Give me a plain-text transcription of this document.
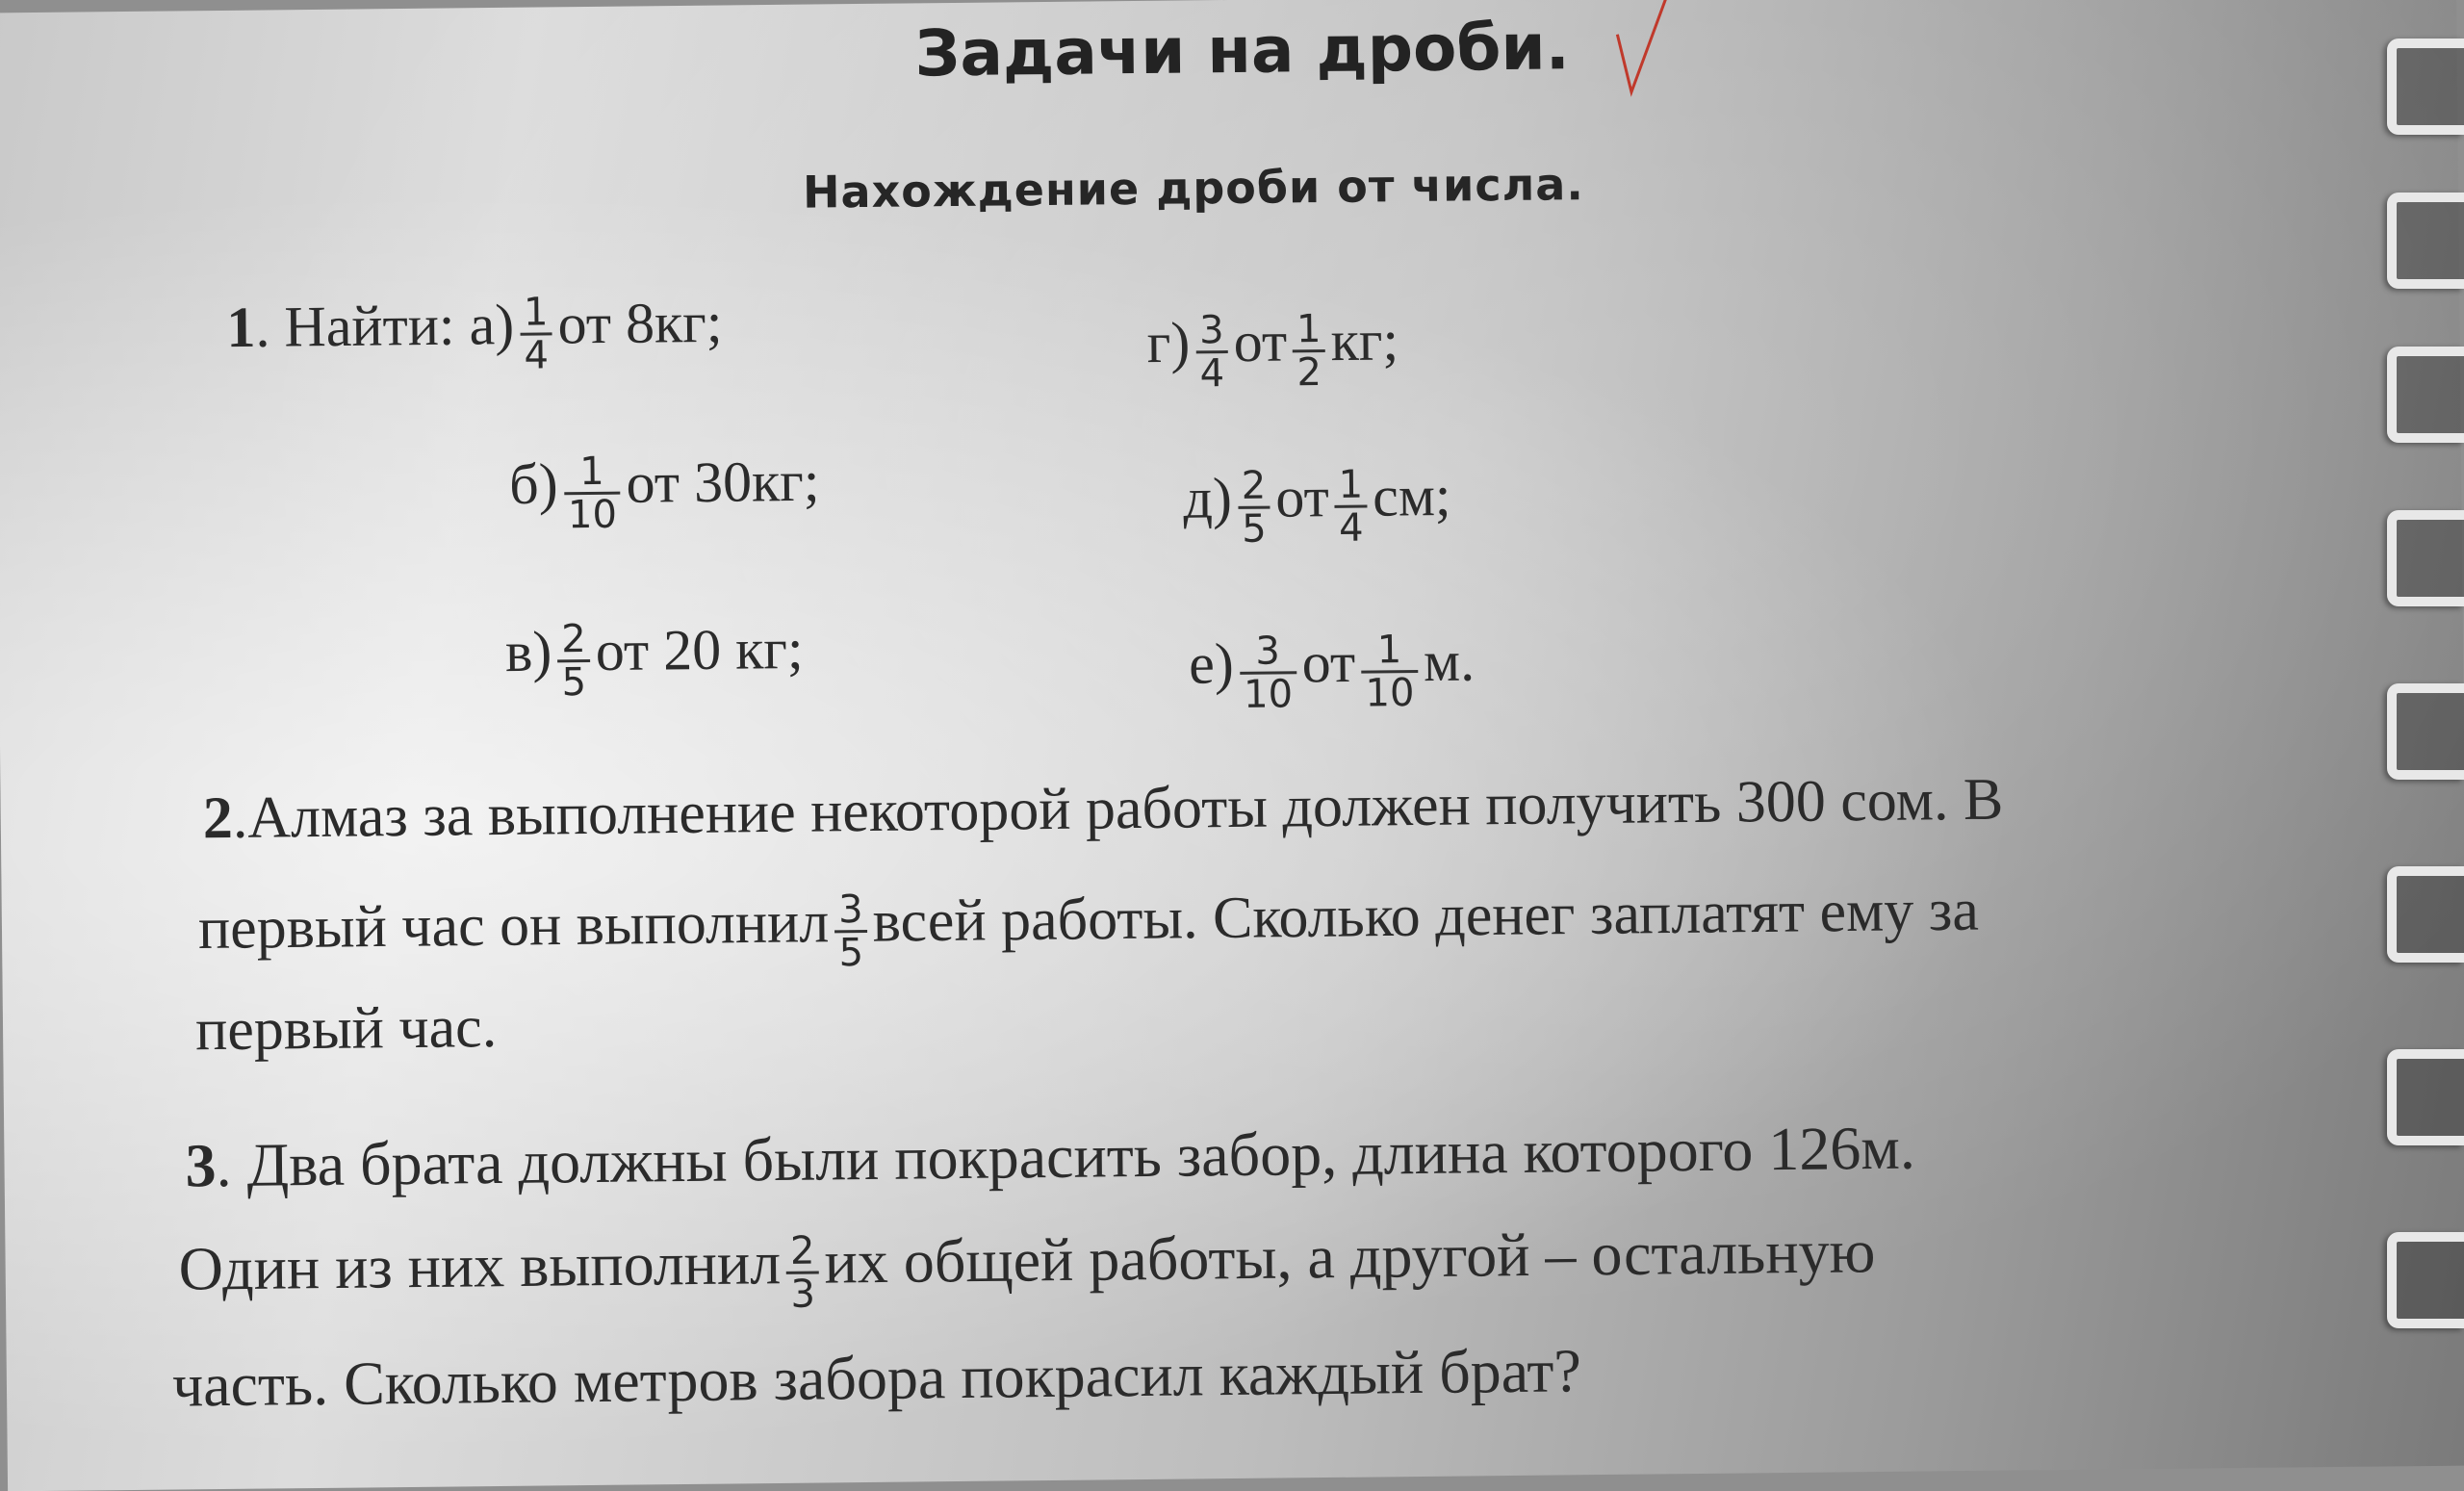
Задачи на дроби.
Нахождение дроби от числа.
1. Найти: $а) \frac{1}{4}$ от 8кг;	$г) \frac{3}{4}$ от $\frac{1}{2}$ кг;
$б) \frac{1}{10}$ от 30кг;	$д) \frac{2}{5}$ от $\frac{1}{4}$ см;
$в) \frac{2}{5}$ от 20 кг;	$е) \frac{3}{10}$ от $\frac{1}{10} м$.
2.Алмаз за выполнение некоторой работы должен получить 300 сом. В
первый час он выполнил $\frac{3}{5}$ всей работы. Сколько денег заплатят ему за
первый час.
3. Два брата должны были покрасить забор, длина которого 126м.
Один из них выполнил $\frac{2}{3}$ их общей работы, а другой – остальную
часть. Сколько метров забора покрасил каждый брат?
